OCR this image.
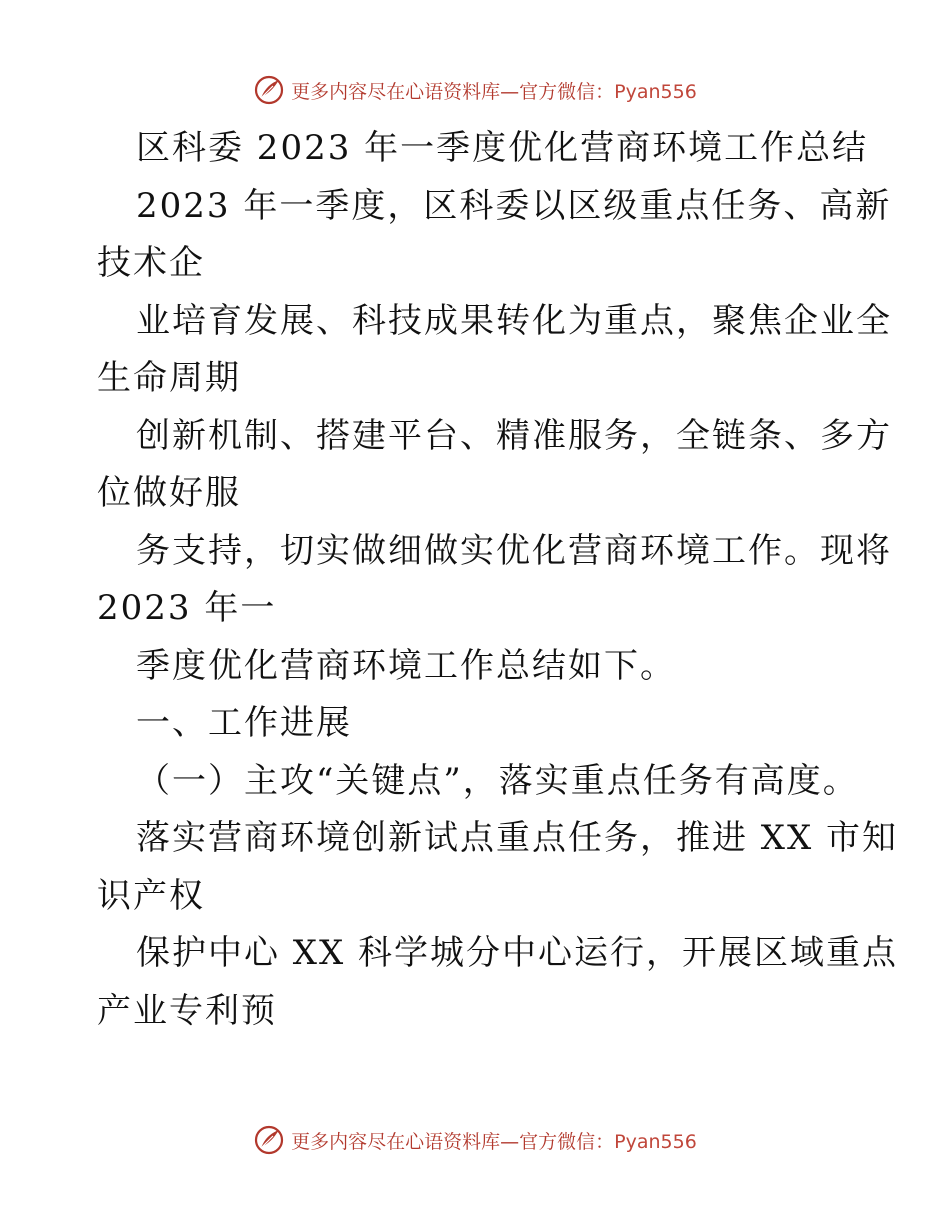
更多内容尽在心语资料库—官方微信：Pyan556
区科委 2023 年一季度优化营商环境工作总结
2023 年一季度，区科委以区级重点任务、高新
技术企
业培育发展、科技成果转化为重点，聚焦企业全
生命周期
创新机制、搭建平台、精准服务，全链条、多方
位做好服
务支持，切实做细做实优化营商环境工作。现将
2023 年一
季度优化营商环境工作总结如下。
一、工作进展
（一）主攻“关键点”，落实重点任务有高度。
落实营商环境创新试点重点任务，推进 XX 市知
识产权
保护中心 XX 科学城分中心运行，开展区域重点
产业专利预
更多内容尽在心语资料库—官方微信：Pyan556
